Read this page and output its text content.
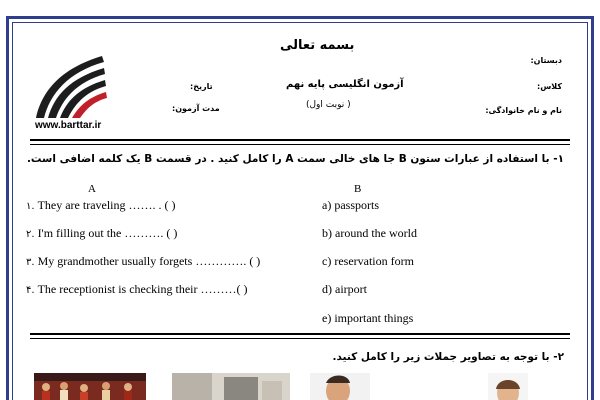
www.barttar.ir
بسمه تعالی
دبستان:
کلاس:
نام و نام خانوادگی:
آزمون انگلیسی پایه نهم
( نوبت اول)
تاریخ:
مدت آزمون:
۱- با استفاده از عبارات ستون B جا های خالی سمت A را کامل کنید . در قسمت B یک کلمه اضافی است.
A	B
۱. They are traveling ……. . ( )
۲. I'm filling out the ………. ( )
۳. My grandmother usually forgets …………. ( )
۴. The receptionist is checking their ………( )
a) passports
b) around the world
c) reservation form
d) airport
e) important things
۲- با توجه به تصاویر جملات زیر را کامل کنید.
